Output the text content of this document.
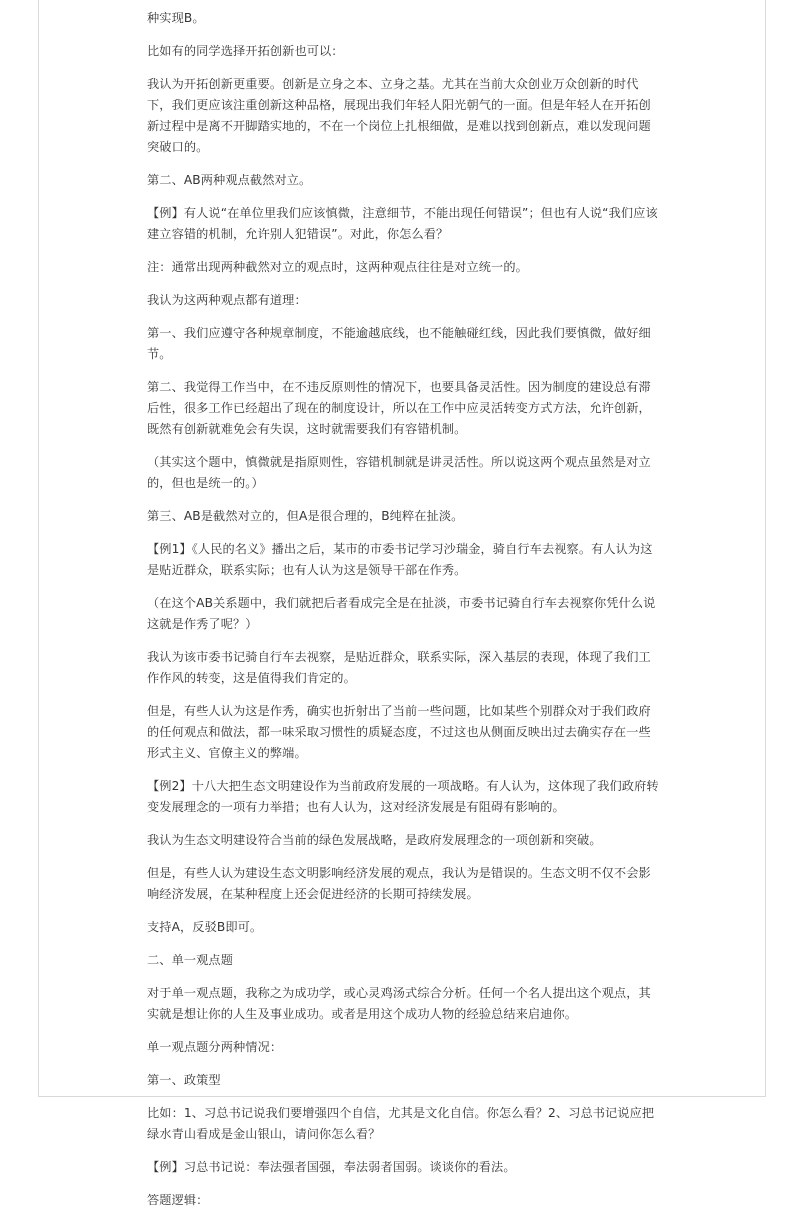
种实现B。

比如有的同学选择开拓创新也可以：

我认为开拓创新更重要。创新是立身之本、立身之基。尤其在当前大众创业万众创新的时代下，我们更应该注重创新这种品格，展现出我们年轻人阳光朝气的一面。但是年轻人在开拓创新过程中是离不开脚踏实地的，不在一个岗位上扎根细做，是难以找到创新点，难以发现问题突破口的。

第二、AB两种观点截然对立。

【例】有人说“在单位里我们应该慎微，注意细节，不能出现任何错误”；但也有人说“我们应该建立容错的机制，允许别人犯错误”。对此，你怎么看？

注：通常出现两种截然对立的观点时，这两种观点往往是对立统一的。

我认为这两种观点都有道理：

第一、我们应遵守各种规章制度，不能逾越底线，也不能触碰红线，因此我们要慎微，做好细节。

第二、我觉得工作当中，在不违反原则性的情况下，也要具备灵活性。因为制度的建设总有滞后性，很多工作已经超出了现在的制度设计，所以在工作中应灵活转变方式方法，允许创新，既然有创新就难免会有失误，这时就需要我们有容错机制。

（其实这个题中，慎微就是指原则性，容错机制就是讲灵活性。所以说这两个观点虽然是对立的，但也是统一的。）

第三、AB是截然对立的，但A是很合理的，B纯粹在扯淡。

【例1】《人民的名义》播出之后，某市的市委书记学习沙瑞金，骑自行车去视察。有人认为这是贴近群众，联系实际；也有人认为这是领导干部在作秀。

（在这个AB关系题中，我们就把后者看成完全是在扯淡，市委书记骑自行车去视察你凭什么说这就是作秀了呢？）

我认为该市委书记骑自行车去视察，是贴近群众，联系实际，深入基层的表现，体现了我们工作作风的转变，这是值得我们肯定的。

但是，有些人认为这是作秀，确实也折射出了当前一些问题，比如某些个别群众对于我们政府的任何观点和做法，都一味采取习惯性的质疑态度，不过这也从侧面反映出过去确实存在一些形式主义、官僚主义的弊端。

【例2】十八大把生态文明建设作为当前政府发展的一项战略。有人认为，这体现了我们政府转变发展理念的一项有力举措；也有人认为，这对经济发展是有阻碍有影响的。

我认为生态文明建设符合当前的绿色发展战略，是政府发展理念的一项创新和突破。

但是，有些人认为建设生态文明影响经济发展的观点，我认为是错误的。生态文明不仅不会影响经济发展，在某种程度上还会促进经济的长期可持续发展。

支持A，反驳B即可。

二、单一观点题

对于单一观点题，我称之为成功学，或心灵鸡汤式综合分析。任何一个名人提出这个观点，其实就是想让你的人生及事业成功。或者是用这个成功人物的经验总结来启迪你。

单一观点题分两种情况：

第一、政策型

比如：1、习总书记说我们要增强四个自信，尤其是文化自信。你怎么看？2、习总书记说应把绿水青山看成是金山银山，请问你怎么看？

【例】习总书记说：奉法强者国强，奉法弱者国弱。谈谈你的看法。

答题逻辑：
